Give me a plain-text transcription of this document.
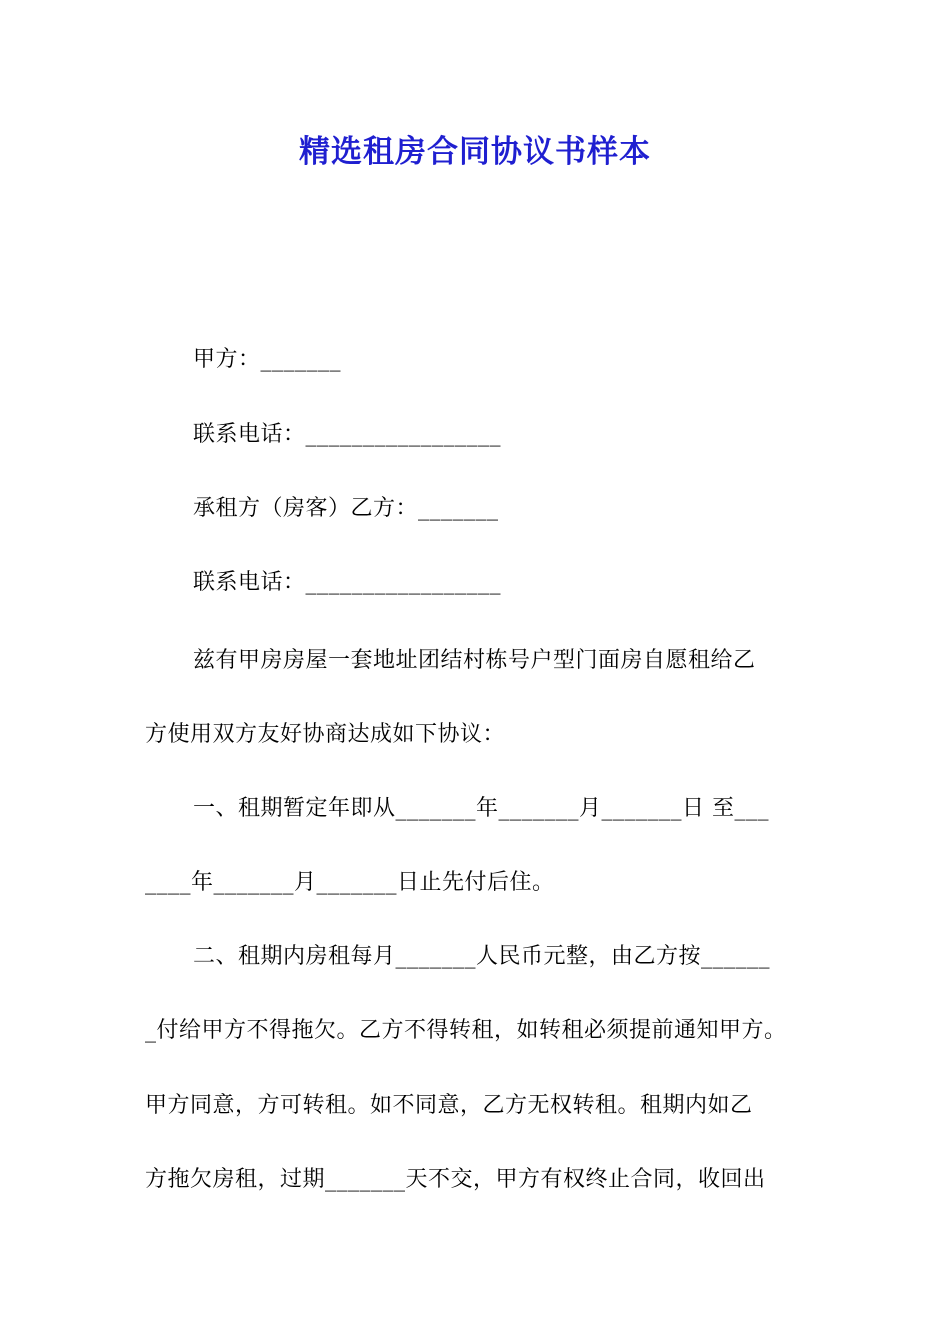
精选租房合同协议书样本
甲方：_______
联系电话：_________________
承租方（房客）乙方：_______
联系电话：_________________
兹有甲房房屋一套地址团结村栋号户型门面房自愿租给乙
方使用双方友好协商达成如下协议：
一、租期暂定年即从_______年_______月_______日 至___
____年_______月_______日止先付后住。
二、租期内房租每月_______人民币元整，由乙方按______
_付给甲方不得拖欠。乙方不得转租，如转租必须提前通知甲方。
甲方同意，方可转租。如不同意，乙方无权转租。租期内如乙
方拖欠房租，过期_______天不交，甲方有权终止合同，收回出
